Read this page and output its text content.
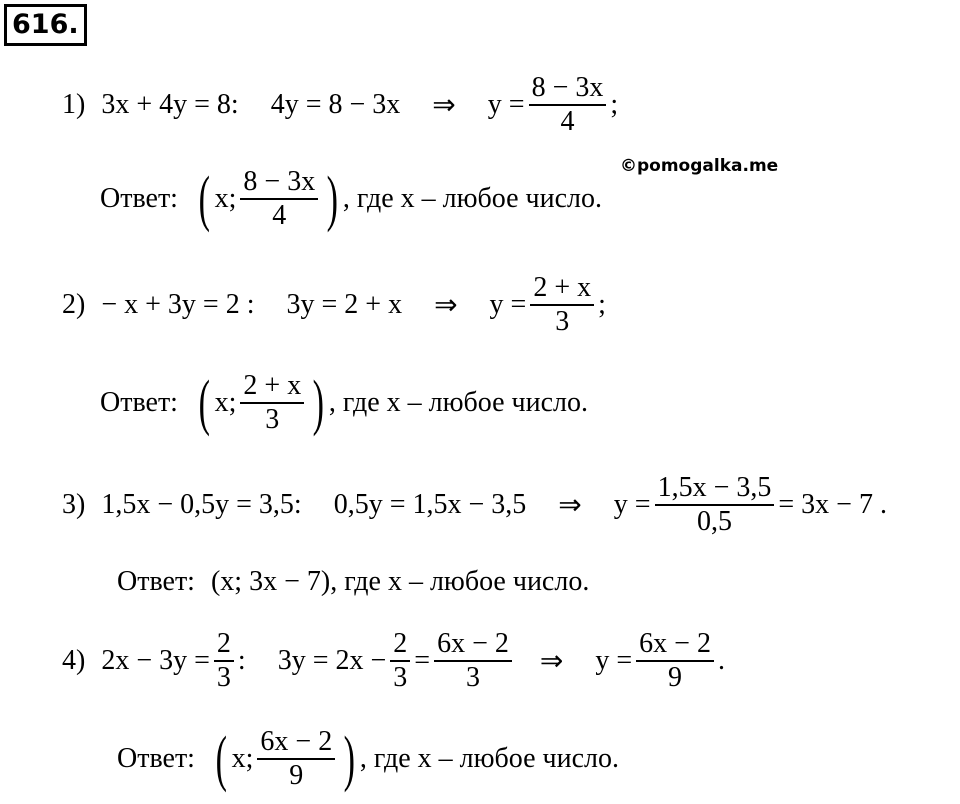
616.
©pomogalka.me
1) 3x + 4y = 8: 4y = 8 − 3x ⇒ $y = \frac{8 - 3x}{4}$ ;
Ответ: ( x; $\frac{8 - 3x}{4}$ ) , где x – любое число.
2) − x + 3y = 2 : 3y = 2 + x ⇒ $y = \frac{2 + x}{3}$ ;
Ответ: ( x; $\frac{2 + x}{3}$ ) , где x – любое число.
3) 1,5x − 0,5y = 3,5: 0,5y = 1,5x − 3,5 ⇒ $y = \frac{1,5x - 3,5}{0,5} = 3x - 7$ .
Ответ: (x; 3x − 7) , где x – любое число.
4) $2x - 3y = \frac{2}{3}$ : $3y = 2x - \frac{2}{3} = \frac{6x - 2}{3}$ ⇒ $y = \frac{6x - 2}{9}$ .
Ответ: ( x; $\frac{6x - 2}{9}$ ) , где x – любое число.
